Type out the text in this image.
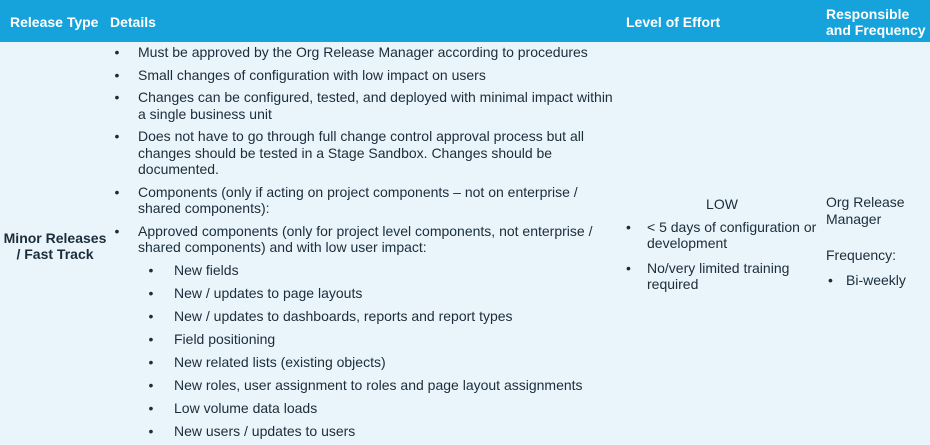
Release Type Details	Level of Effort	Responsible
and Frequency
Minor Releases
/ Fast Track
• Must be approved by the Org Release Manager according to procedures
• Small changes of configuration with low impact on users
• Changes can be configured, tested, and deployed with minimal impact within a single business unit
• Does not have to go through full change control approval process but all changes should be tested in a Stage Sandbox. Changes should be documented.
• Components (only if acting on project components – not on enterprise / shared components):
• Approved components (only for project level components, not enterprise / shared components) and with low user impact:
• New fields
• New / updates to page layouts
• New / updates to dashboards, reports and report types
• Field positioning
• New related lists (existing objects)
• New roles, user assignment to roles and page layout assignments
• Low volume data loads
• New users / updates to users
LOW
• < 5 days of configuration or development
• No/very limited training required
Org Release Manager
Frequency:
• Bi-weekly
